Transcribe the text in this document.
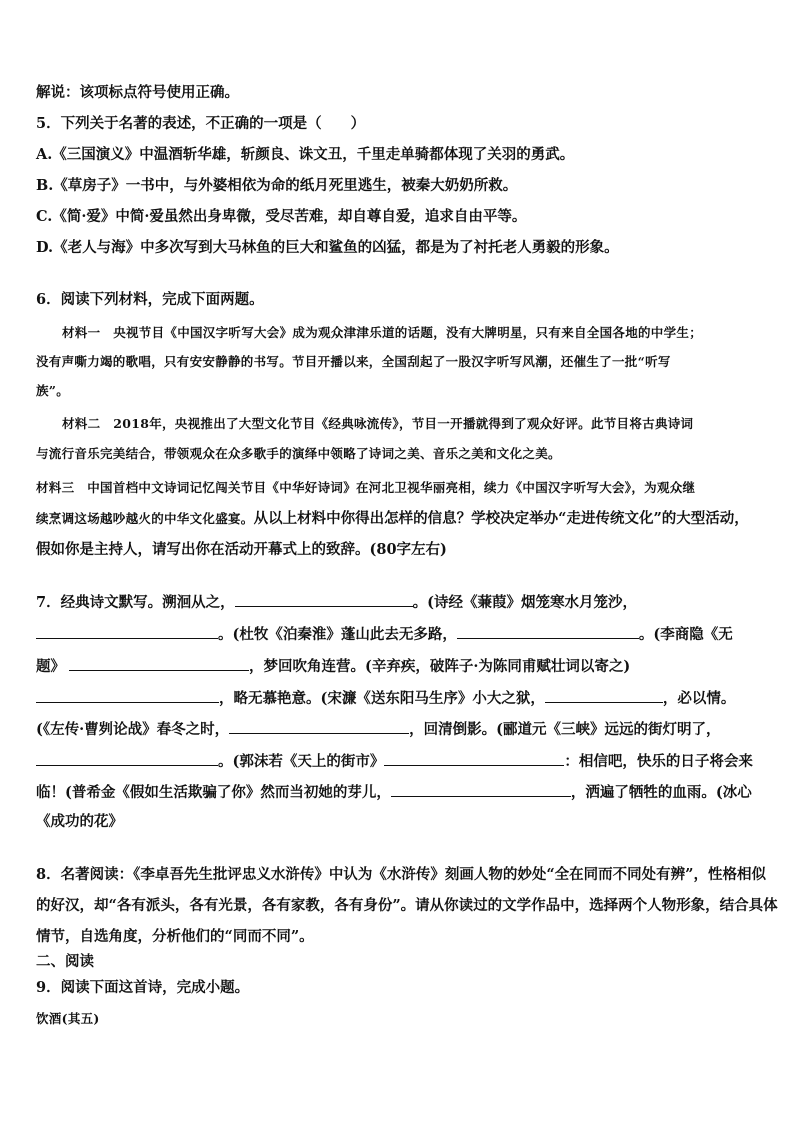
解说：该项标点符号使用正确。
5．下列关于名著的表述，不正确的一项是（　　）
A.《三国演义》中温酒斩华雄，斩颜良、诛文丑，千里走单骑都体现了关羽的勇武。
B.《草房子》一书中，与外婆相依为命的纸月死里逃生，被秦大奶奶所救。
C.《简·爱》中简·爱虽然出身卑微，受尽苦难，却自尊自爱，追求自由平等。
D.《老人与海》中多次写到大马林鱼的巨大和鲨鱼的凶猛，都是为了衬托老人勇毅的形象。
6．阅读下列材料，完成下面两题。
材料一　央视节目《中国汉字听写大会》成为观众津津乐道的话题，没有大牌明星，只有来自全国各地的中学生；
没有声嘶力竭的歌唱，只有安安静静的书写。节目开播以来，全国刮起了一股汉字听写风潮，还催生了一批“听写
族”。
材料二　2018年，央视推出了大型文化节目《经典咏流传》，节目一开播就得到了观众好评。此节目将古典诗词
与流行音乐完美结合，带领观众在众多歌手的演绎中领略了诗词之美、音乐之美和文化之美。
材料三　中国首档中文诗词记忆闯关节目《中华好诗词》在河北卫视华丽亮相，续力《中国汉字听写大会》，为观众继
续烹调这场越吵越火的中华文化盛宴。从以上材料中你得出怎样的信息？学校决定举办“走进传统文化”的大型活动，
假如你是主持人，请写出你在活动开幕式上的致辞。(80字左右)
7．经典诗文默写。溯洄从之，	。(诗经《蒹葭》烟笼寒水月笼沙，
。(杜牧《泊秦淮》蓬山此去无多路，	。(李商隐《无
题》	，梦回吹角连营。(辛弃疾，破阵子·为陈同甫赋壮词以寄之)
，略无慕艳意。(宋濂《送东阳马生序》小大之狱，	，必以情。
(《左传·曹刿论战》春冬之时，	，回清倒影。(郦道元《三峡》远远的街灯明了，
。(郭沫若《天上的街市》	：相信吧，快乐的日子将会来
临！(普希金《假如生活欺骗了你》然而当初她的芽儿，	，洒遍了牺牲的血雨。(冰心
《成功的花》
8．名著阅读：《李卓吾先生批评忠义水浒传》中认为《水浒传》刻画人物的妙处“全在同而不同处有辨”，性格相似
的好汉，却“各有派头，各有光景，各有家教，各有身份”。请从你读过的文学作品中，选择两个人物形象，结合具体
情节，自选角度，分析他们的“同而不同”。
二、阅读
9．阅读下面这首诗，完成小题。
饮酒(其五)
